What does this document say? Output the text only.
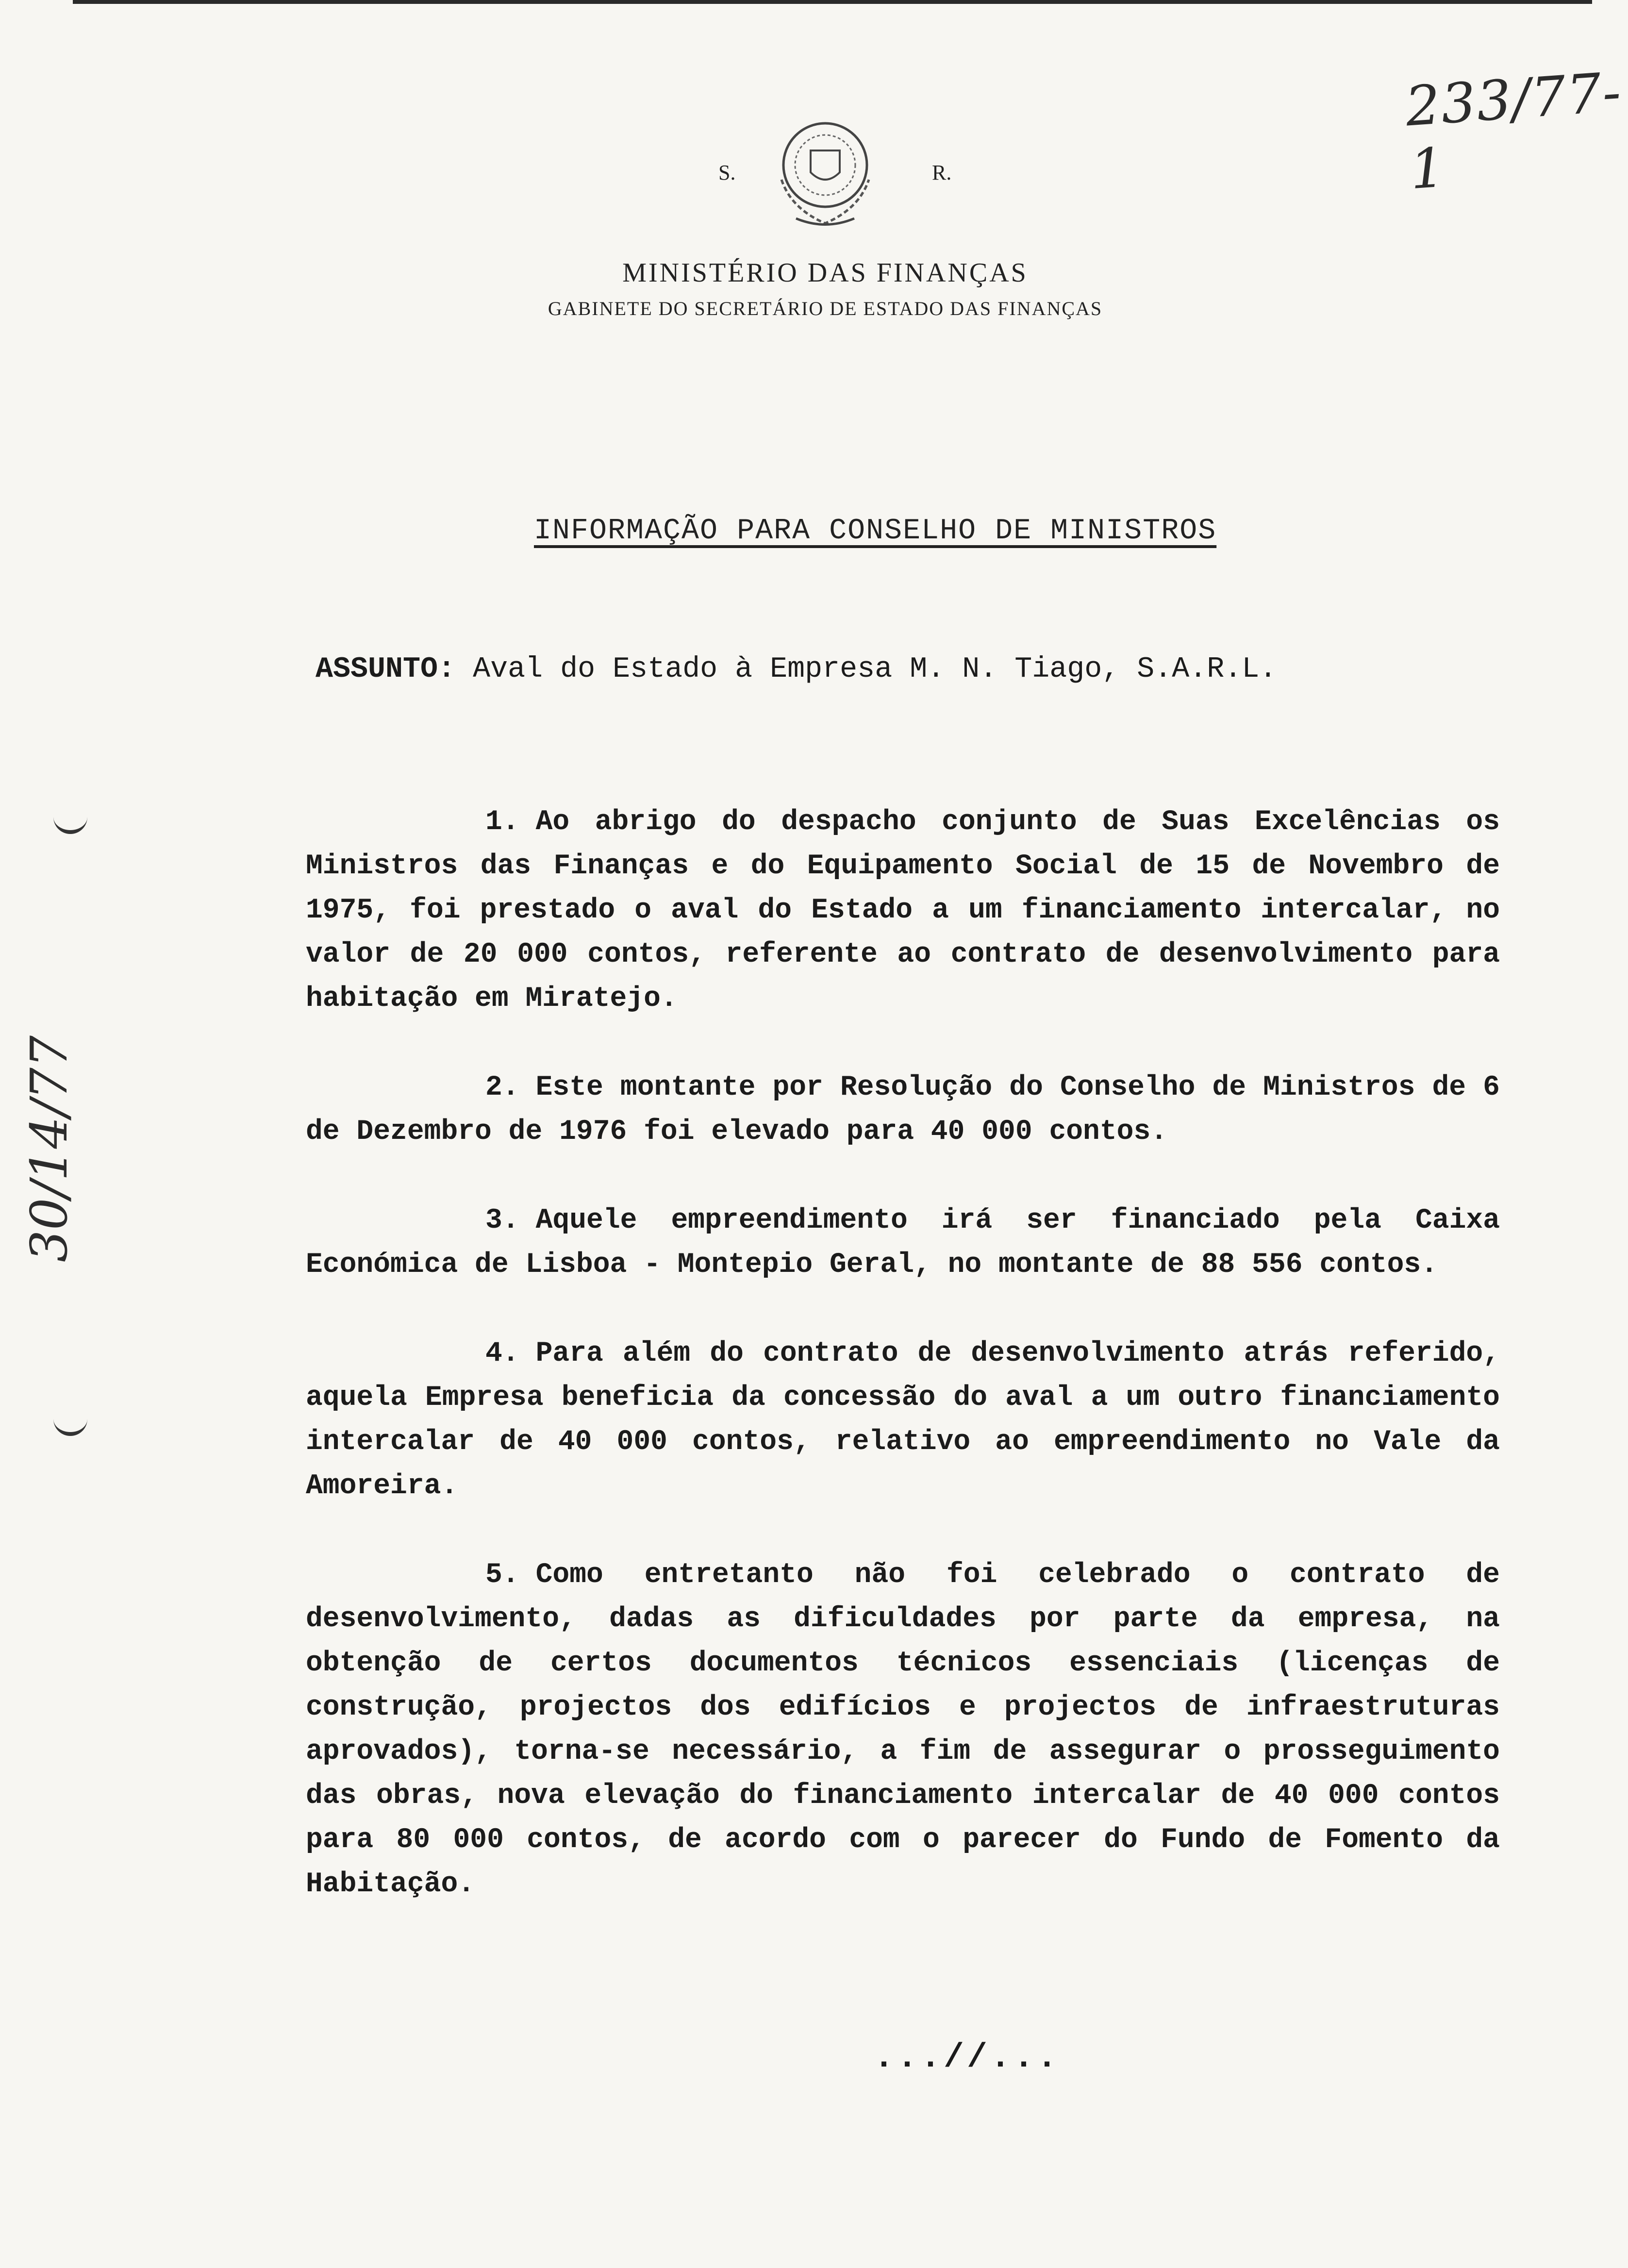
233/77-1
30/14/77
S.	R.
MINISTÉRIO DAS FINANÇAS
GABINETE DO SECRETÁRIO DE ESTADO DAS FINANÇAS
INFORMAÇÃO PARA CONSELHO DE MINISTROS
ASSUNTO: Aval do Estado à Empresa M. N. Tiago, S.A.R.L.

1. Ao abrigo do despacho conjunto de Suas Excelências os Ministros das Finanças e do Equipamento Social de 15 de Novembro de 1975, foi prestado o aval do Estado a um financiamento intercalar, no valor de 20 000 contos, referente ao contrato de desenvolvimento para habitação em Miratejo.

2. Este montante por Resolução do Conselho de Ministros de 6 de Dezembro de 1976 foi elevado para 40 000 contos.

3. Aquele empreendimento irá ser financiado pela Caixa Económica de Lisboa - Montepio Geral, no montante de 88 556 contos.

4. Para além do contrato de desenvolvimento atrás referido, aquela Empresa beneficia da concessão do aval a um outro financiamento intercalar de 40 000 contos, relativo ao empreendimento no Vale da Amoreira.

5. Como entretanto não foi celebrado o contrato de desenvolvimento, dadas as dificuldades por parte da empresa, na obtenção de certos documentos técnicos essenciais (licenças de construção, projectos dos edifícios e projectos de infraestruturas aprovados), torna-se necessário, a fim de assegurar o prosseguimento das obras, nova elevação do financiamento intercalar de 40 000 contos para 80 000 contos, de acordo com o parecer do Fundo de Fomento da Habitação.

...//...
